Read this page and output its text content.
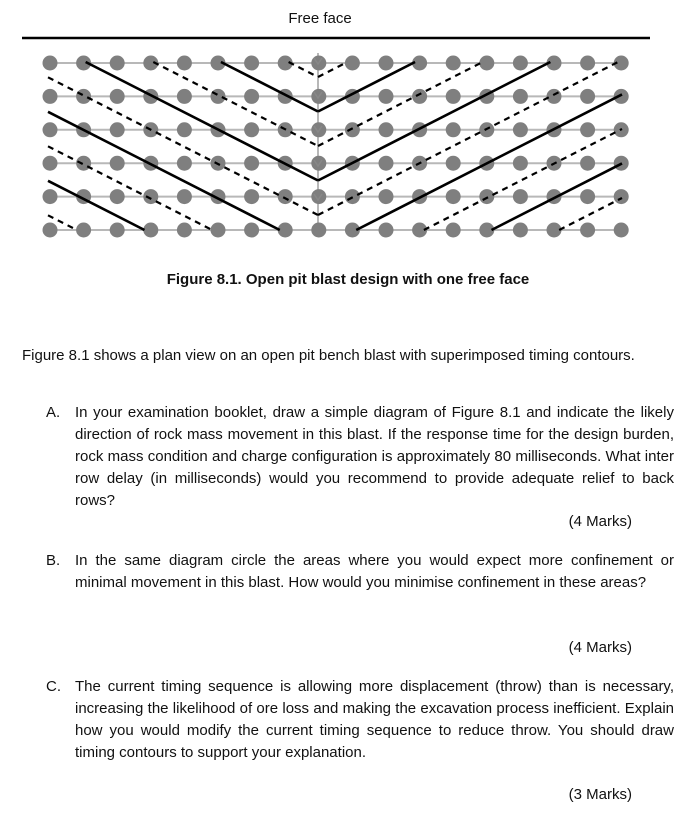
Free face
Figure 8.1. Open pit blast design with one free face
Figure 8.1 shows a plan view on an open pit bench blast with superimposed timing contours.
A. In your examination booklet, draw a simple diagram of Figure 8.1 and indicate the likely direction of rock mass movement in this blast. If the response time for the design burden, rock mass condition and charge configuration is approximately 80 milliseconds. What inter row delay (in milliseconds) would you recommend to provide adequate relief to back rows?
(4 Marks)
B. In the same diagram circle the areas where you would expect more confinement or minimal movement in this blast. How would you minimise confinement in these areas?
(4 Marks)
C. The current timing sequence is allowing more displacement (throw) than is necessary, increasing the likelihood of ore loss and making the excavation process inefficient. Explain how you would modify the current timing sequence to reduce throw. You should draw timing contours to support your explanation.
(3 Marks)
